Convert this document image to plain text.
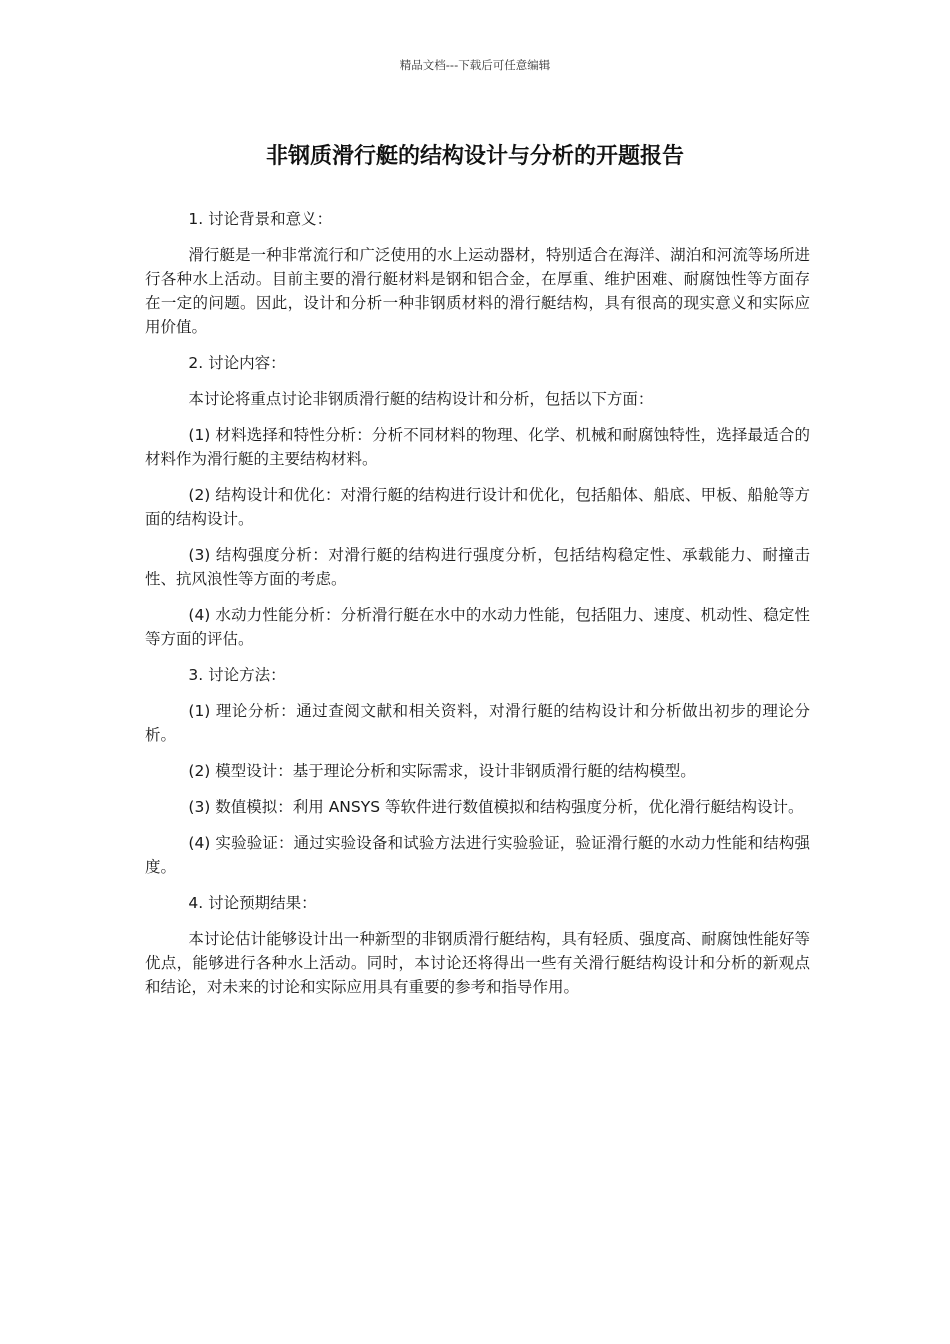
精品文档---下载后可任意编辑
非钢质滑行艇的结构设计与分析的开题报告

1. 讨论背景和意义：

滑行艇是一种非常流行和广泛使用的水上运动器材，特别适合在海洋、湖泊和河流等场所进行各种水上活动。目前主要的滑行艇材料是钢和铝合金，在厚重、维护困难、耐腐蚀性等方面存在一定的问题。因此，设计和分析一种非钢质材料的滑行艇结构，具有很高的现实意义和实际应用价值。

2. 讨论内容：

本讨论将重点讨论非钢质滑行艇的结构设计和分析，包括以下方面：

(1) 材料选择和特性分析：分析不同材料的物理、化学、机械和耐腐蚀特性，选择最适合的材料作为滑行艇的主要结构材料。

(2) 结构设计和优化：对滑行艇的结构进行设计和优化，包括船体、船底、甲板、船舱等方面的结构设计。

(3) 结构强度分析：对滑行艇的结构进行强度分析，包括结构稳定性、承载能力、耐撞击性、抗风浪性等方面的考虑。

(4) 水动力性能分析：分析滑行艇在水中的水动力性能，包括阻力、速度、机动性、稳定性等方面的评估。

3. 讨论方法：

(1) 理论分析：通过查阅文献和相关资料，对滑行艇的结构设计和分析做出初步的理论分析。

(2) 模型设计：基于理论分析和实际需求，设计非钢质滑行艇的结构模型。

(3) 数值模拟：利用 ANSYS 等软件进行数值模拟和结构强度分析，优化滑行艇结构设计。

(4) 实验验证：通过实验设备和试验方法进行实验验证，验证滑行艇的水动力性能和结构强度。

4. 讨论预期结果：

本讨论估计能够设计出一种新型的非钢质滑行艇结构，具有轻质、强度高、耐腐蚀性能好等优点，能够进行各种水上活动。同时，本讨论还将得出一些有关滑行艇结构设计和分析的新观点和结论，对未来的讨论和实际应用具有重要的参考和指导作用。
